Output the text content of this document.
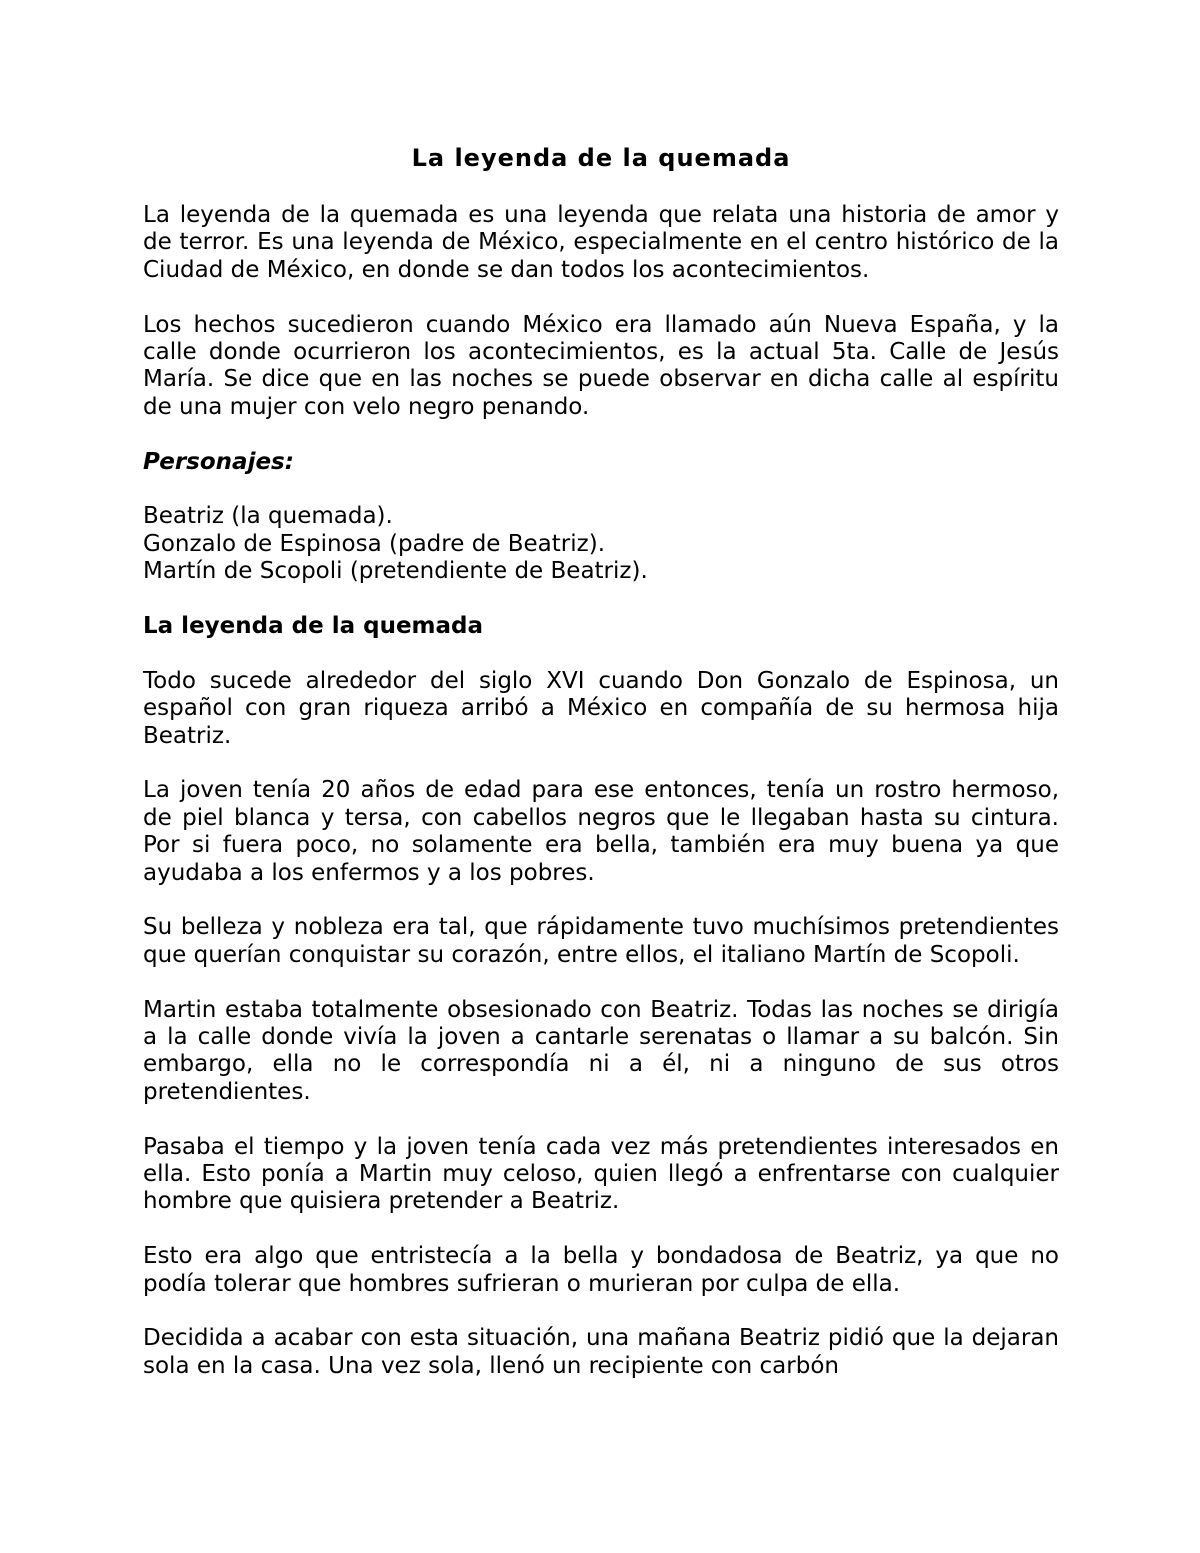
La leyenda de la quemada

La leyenda de la quemada es una leyenda que relata una historia de amor y de terror. Es una leyenda de México, especialmente en el centro histórico de la Ciudad de México, en donde se dan todos los acontecimientos.

Los hechos sucedieron cuando México era llamado aún Nueva España, y la calle donde ocurrieron los acontecimientos, es la actual 5ta. Calle de Jesús María. Se dice que en las noches se puede observar en dicha calle al espíritu de una mujer con velo negro penando.

Personajes:
Beatriz (la quemada).
Gonzalo de Espinosa (padre de Beatriz).
Martín de Scopoli (pretendiente de Beatriz).
La leyenda de la quemada

Todo sucede alrededor del siglo XVI cuando Don Gonzalo de Espinosa, un español con gran riqueza arribó a México en compañía de su hermosa hija Beatriz.

La joven tenía 20 años de edad para ese entonces, tenía un rostro hermoso, de piel blanca y tersa, con cabellos negros que le llegaban hasta su cintura. Por si fuera poco, no solamente era bella, también era muy buena ya que ayudaba a los enfermos y a los pobres.

Su belleza y nobleza era tal, que rápidamente tuvo muchísimos pretendientes que querían conquistar su corazón, entre ellos, el italiano Martín de Scopoli.

Martin estaba totalmente obsesionado con Beatriz. Todas las noches se dirigía a la calle donde vivía la joven a cantarle serenatas o llamar a su balcón. Sin embargo, ella no le correspondía ni a él, ni a ninguno de sus otros pretendientes.

Pasaba el tiempo y la joven tenía cada vez más pretendientes interesados en ella. Esto ponía a Martin muy celoso, quien llegó a enfrentarse con cualquier hombre que quisiera pretender a Beatriz.

Esto era algo que entristecía a la bella y bondadosa de Beatriz, ya que no podía tolerar que hombres sufrieran o murieran por culpa de ella.

Decidida a acabar con esta situación, una mañana Beatriz pidió que la dejaran sola en la casa. Una vez sola, llenó un recipiente con carbón
